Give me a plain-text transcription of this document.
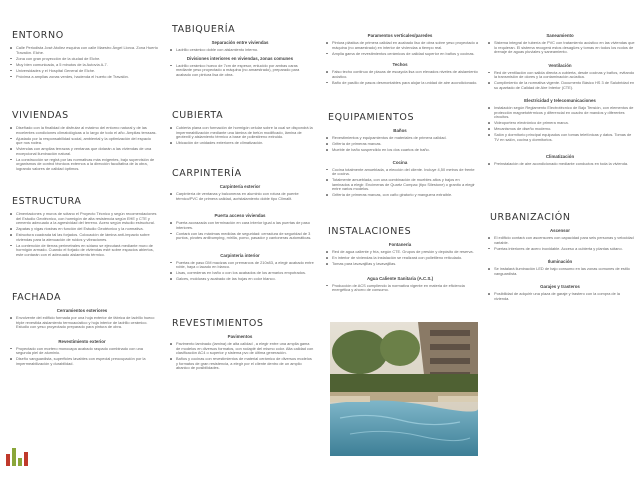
ENTORNO
Calle Periodista José Atoliez esquina con calle Maestro Ángel Llorca. Zona Huerto Travalón. Elche.
Zona con gran proyección de la ciudad de Elche.
Muy bien comunicada, a 5 minutos de la Autovía A-7.
Universidades y el Hospital General de Elche.
Próxima a amplias zonas verdes, hacienda el huerto de Travalón.
VIVIENDAS
Diseñado con la finalidad de disfrutar al máximo del entorno natural y de las excelentes condiciones climatológicas a lo largo de todo el año. Amplias terrazas.
Ajustado por la responsabilidad social, ambiental y la optimización del espacio que nos rodea.
Viviendas con amplias terrazas y ventanas que dotarán a las viviendas de una excepcional iluminación natural.
La construcción se regirá por las normativas más exigentes, bajo supervisión de organismos de control técnicos externos a la dirección facultativa de la obra, logrando valores de calidad óptimos.
ESTRUCTURA
Cimentaciones y muros de sótano el Proyecto Técnico y según recomendaciones del Estudio Geotécnico, con hormigón de alta resistencia según EHE y CTE y cemento adecuado a la agresividad del terreno. Acero según estudio estructural.
Zapatas y vigas riostras en función del Estudio Geotécnico y la normativa.
Estructura cuadrada tal las forjados. Colocación de lámina anti-impacto sobre viviendas para la atenuación de ruidos y vibraciones.
La contención de tierras perimetrales en sótano se ejecutará mediante muro de hormigón armado. Cuando el forjado de viviendas esté sobre espacios abiertos, este contarán con el adecuado aislamiento térmico.
FACHADA
Cerramientos exteriores
Envolvente del edificio formada por una hoja exterior de fábrica de ladrillo hueco triple revestida aislamiento termoacústico y hoja interior de ladrillo cerámico. Estudio con yeso proyectado preparado para pintura de obra.
Revestimiento exterior
Proyectado con mortero monocapa acabado raspado combinado con una segunda piel de aluminio.
Diseño vanguardista, superficies lavables con especial preocupación por la impermeabilización y durabilidad.
TABIQUERÍA
Separación entre viviendas
Ladrillo cerámico doble con aislamiento interno.
Divisiones interiores en viviendas, zonas comunes
Ladrillo cerámico hueco de 7cm de espesor, enlucido por ambas caras mediante yeso proyectado a máquina (no amaestrado), preparado para acabado con pintura lisa de obra.
CUBIERTA
Cubierta plana con formación de hormigón celular sobre la cual se dispondrá la impermeabilización mediante una lámina de betún modificado, lámina de geotextil y aislamiento térmico a base de poliestireno extruido.
Ubicación de unidades exteriores de climatización.
CARPINTERÍA
Carpintería exterior
Carpintería de ventanas y balconeras en aluminio con rotura de puente térmico/PVC de primera calidad, acristalamiento doble tipo Climalit.
Puerta acceso viviendas
Puerta acorazada con terminación en cara interior igual a las puertas de paso interiores.
Contará con las máximas medidas de seguridad: cerradura de seguridad de 3 puntos, pivotes antibumping, mirilla, pomo, pasador y cantoneras automáticas.
Carpintería interior
Puertas de paso DM macizas con premarcos de 210x83, a elegir acabado entre roble, haya o lacado en blanco.
Lisas, correderas en baño o con los acabados de los armarios empotrados.
Galces, molduras y acabado de las hojas en color blanco.
REVESTIMIENTOS
Pavimentos
Pavimento laminado (lamina) de alta calidad , a elegir entre una amplia gama de modelos en diversos formatos, con rodapié del mismo color. Alta calidad con clasificación AC4 o superior y sistema pvc de última generación.
Baños y cocinas con revestimientos de material cerámico de diversos modelos y formatos de gran resistencia, a elegir por el cliente dentro de un amplio abanico de posibilidades.
Paramentos verticales/paredes
Pintura plástica de primera calidad en acabado liso de obra sobre yeso proyectado a máquina (no amaestrado) en interior de viviendas a tiempo real.
Amplia gama de revestimientos cerámicos de calidad superior en baños y cocinas.
Techos
Falso techo continuo de placas de escayola lisa con elevados niveles de aislamiento acústico.
Baño de pasillo de pasos desmontables para alojar la unidad de aire acondicionado.
EQUIPAMIENTOS
Baños
Revestimientos y equipamientos de materiales de primera calidad.
Grifería de primeras marcas.
Mueble de baño suspendido en los dos cuartos de baño.
Cocina
Cocina totalmente amueblada, a elección del cliente. Incluye 4,50 metros de frente de cocina.
Totalmente amueblada, con una combinación de muebles altos y bajos en laminados a elegir. Encimeras de Quartz Compac (tipo Silestone) o granito a elegir entre varios modelos.
Grifería de primeras marcas, con caño giratorio y manguera extraíble.
INSTALACIONES
Fontanería
Red de agua caliente y fría, según CTE. Grupos de presión y depósito de reserva.
En interior de viviendas la instalación se realizará con polietileno reticulado.
Tomas para lavavajillas y lavavajillas.
Agua Caliente Sanitaria (A.C.S.)
Producción de ACS cumpliendo la normativa vigente en materia de eficiencia energética y ahorro de consumo.
Saneamiento
Sistema integral de tubería de PVC con tratamiento acústico en las viviendas que lo requieran. El sistema recogerá estos desagües y tomas en todos los nodos de drenaje de aguas pluviales y saneamiento.
Ventilación
Red de ventilación con salida directa a cubierta, desde cocinas y baños, evitando la transmisión de olores y la contaminación acústica.
Cumplimiento de la normativa vigente. Documento Básico HS 3 de Salubridad en su apartado de Calidad de Aire Interior (CTE).
Electricidad y telecomunicaciones
Instalación según Reglamento Electrotécnico de Bajo Tensión, con elementos de protección magnetotérmicos y diferencial en cuadro de mandos y diferentes circuitos.
Videoportero electrónico de primera marca.
Mecanismos de diseño moderno.
Salón y dormitorio principal equipados con tomas telefónicas y datos. Tomas de TV en salón, cocina y dormitorios.
Climatización
Preinstalación de aire acondicionado mediante conductos en toda la vivienda.
URBANIZACIÓN
Ascensor
El edificio contará con ascensores con capacidad para seis personas y velocidad variable.
Puertas interiores de acero inoxidable. Acceso a cubierta y plantas sótano.
Iluminación
Se instalará iluminación LED de bajo consumo en las zonas comunes de estilo vanguardista.
Garajes y trasteros
Posibilidad de adquirir una plaza de garaje y trastero con la compra de la vivienda.
